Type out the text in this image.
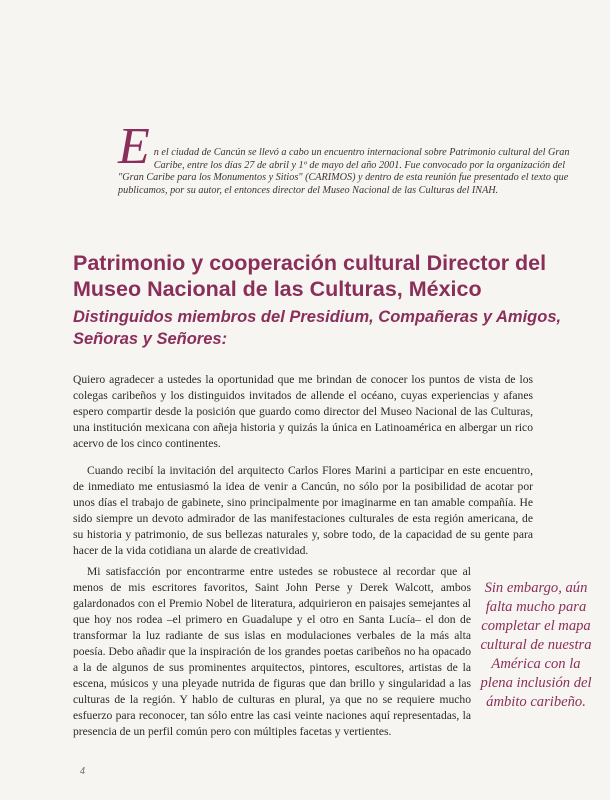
E n el ciudad de Cancún se llevó a cabo un encuentro internacional sobre Patrimonio cultural del Gran Caribe, entre los días 27 de abril y 1º de mayo del año 2001. Fue convocado por la organización del "Gran Caribe para los Monumentos y Sitios" (CARIMOS) y dentro de esta reunión fue presentado el texto que publicamos, por su autor, el entonces director del Museo Nacional de las Culturas del INAH.
Patrimonio y cooperación cultural Director del Museo Nacional de las Culturas, México
Distinguidos miembros del Presidium, Compañeras y Amigos, Señoras y Señores:

Quiero agradecer a ustedes la oportunidad que me brindan de conocer los puntos de vista de los colegas caribeños y los distinguidos invitados de allende el océano, cuyas experiencias y afanes espero compartir desde la posición que guardo como director del Museo Nacional de las Culturas, una institución mexicana con añeja historia y quizás la única en Latinoamérica en albergar un rico acervo de los cinco continentes.

Cuando recibí la invitación del arquitecto Carlos Flores Marini a participar en este encuentro, de inmediato me entusiasmó la idea de venir a Cancún, no sólo por la posibilidad de acotar por unos días el trabajo de gabinete, sino principalmente por imaginarme en tan amable compañía. He sido siempre un devoto admirador de las manifestaciones culturales de esta región americana, de su historia y patrimonio, de sus bellezas naturales y, sobre todo, de la capacidad de su gente para hacer de la vida cotidiana un alarde de creatividad.

Mi satisfacción por encontrarme entre ustedes se robustece al recordar que al menos de mis escritores favoritos, Saint John Perse y Derek Walcott, ambos galardonados con el Premio Nobel de literatura, adquirieron en paisajes semejantes al que hoy nos rodea –el primero en Guadalupe y el otro en Santa Lucía– el don de transformar la luz radiante de sus islas en modulaciones verbales de la más alta poesía. Debo añadir que la inspiración de los grandes poetas caribeños no ha opacado a la de algunos de sus prominentes arquitectos, pintores, escultores, artistas de la escena, músicos y una pleyade nutrida de figuras que dan brillo y singularidad a las culturas de la región. Y hablo de culturas en plural, ya que no se requiere mucho esfuerzo para reconocer, tan sólo entre las casi veinte naciones aquí representadas, la presencia de un perfil común pero con múltiples facetas y vertientes.

Sin embargo, aún falta mucho para completar el mapa cultural de nuestra América con la plena inclusión del ámbito caribeño.

4
